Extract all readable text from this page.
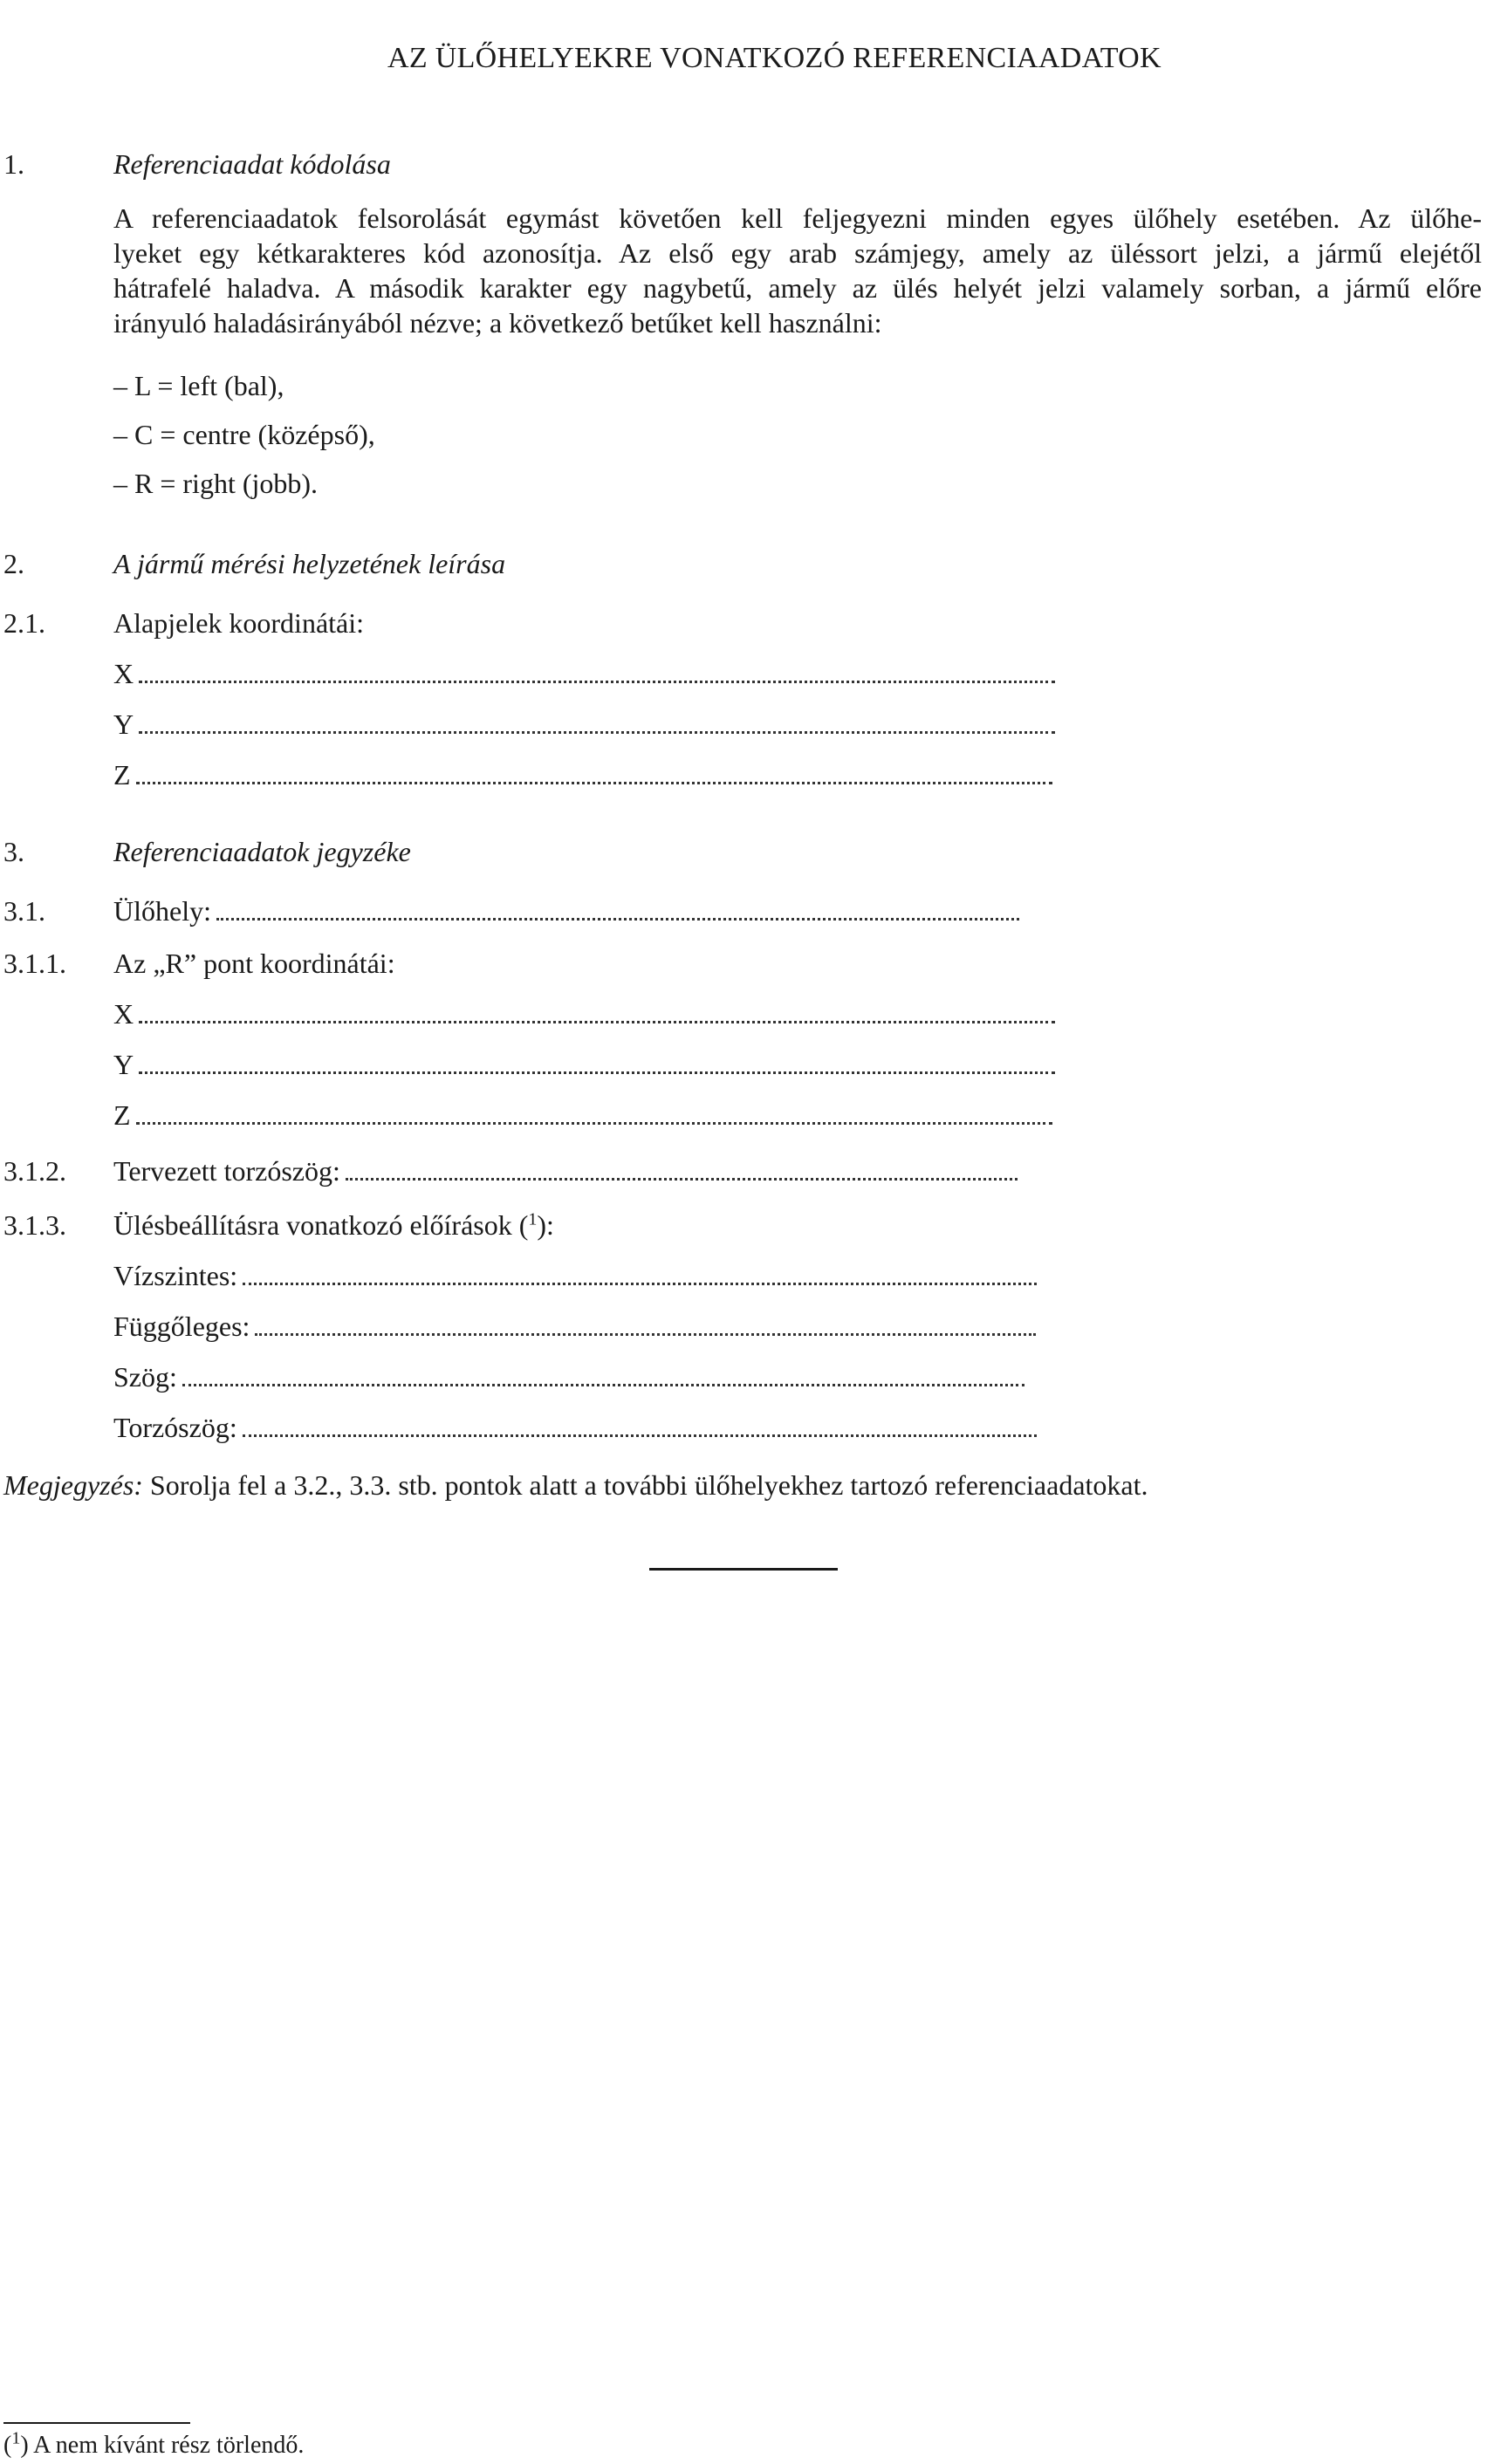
AZ ÜLŐHELYEKRE VONATKOZÓ REFERENCIAADATOK
1.	Referenciaadat kódolása
A referenciaadatok felsorolását egymást követően kell feljegyezni minden egyes ülőhely esetében. Az ülőhe-
lyeket egy kétkarakteres kód azonosítja. Az első egy arab számjegy, amely az üléssort jelzi, a jármű elejétől
hátrafelé haladva. A második karakter egy nagybetű, amely az ülés helyét jelzi valamely sorban, a jármű előre
irányuló haladásirányából nézve; a következő betűket kell használni:
– L = left (bal),
– C = centre (középső),
– R = right (jobb).
2.	A jármű mérési helyzetének leírása
2.1. Alapjelek koordinátái:
X
Y
Z
3.	Referenciaadatok jegyzéke
3.1. Ülőhely:
3.1.1. Az „R” pont koordinátái:
X
Y
Z
3.1.2. Tervezett torzószög:
3.1.3. Ülésbeállításra vonatkozó előírások ($^1$):
Vízszintes:
Függőleges:
Szög:
Torzószög:
Megjegyzés: Sorolja fel a 3.2., 3.3. stb. pontok alatt a további ülőhelyekhez tartozó referenciaadatokat.
($^1$) A nem kívánt rész törlendő.
